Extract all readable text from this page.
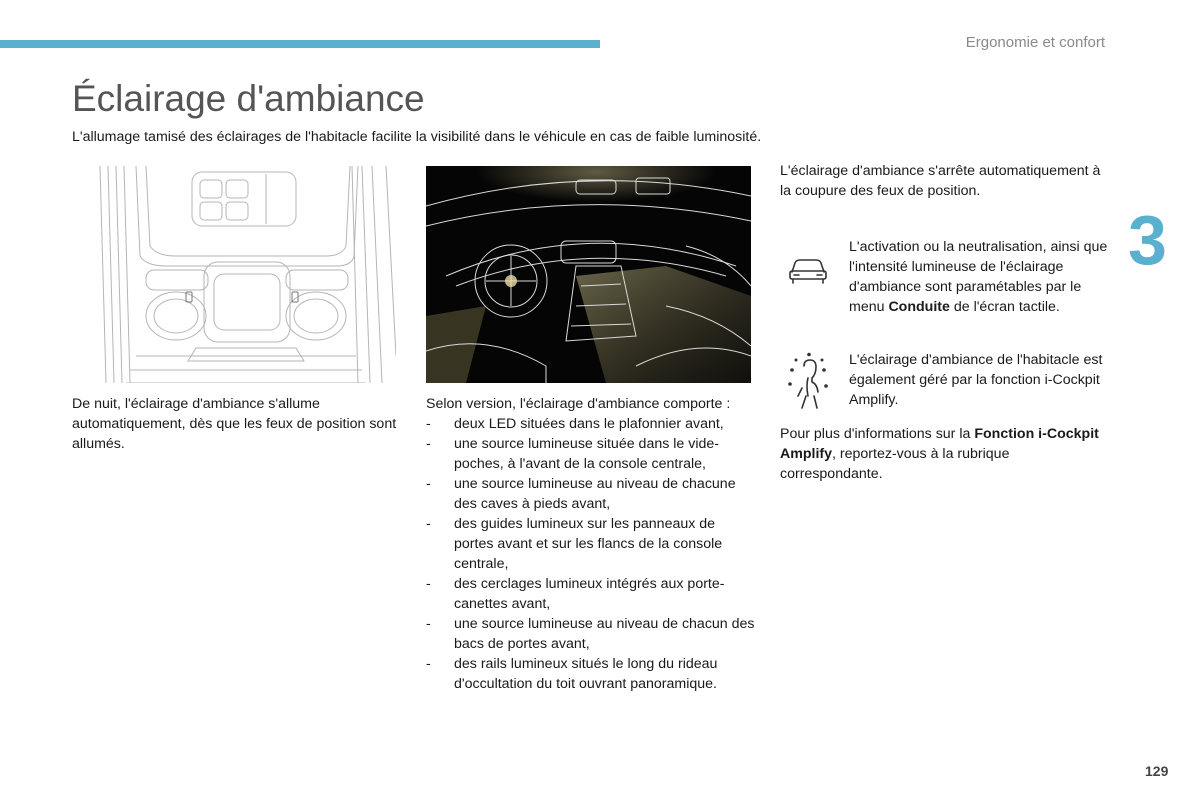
Ergonomie et confort
Éclairage d'ambiance

L'allumage tamisé des éclairages de l'habitacle facilite la visibilité dans le véhicule en cas de faible luminosité.

3
De nuit, l'éclairage d'ambiance s'allume automatiquement, dès que les feux de position sont allumés.

Selon version, l'éclairage d'ambiance comporte :

- deux LED situées dans le plafonnier avant,
- une source lumineuse située dans le vide-poches, à l'avant de la console centrale,
- une source lumineuse au niveau de chacune des caves à pieds avant,
- des guides lumineux sur les panneaux de portes avant et sur les flancs de la console centrale,
- des cerclages lumineux intégrés aux porte-canettes avant,
- une source lumineuse au niveau de chacun des bacs de portes avant,
- des rails lumineux situés le long du rideau d'occultation du toit ouvrant panoramique.
L'éclairage d'ambiance s'arrête automatiquement à la coupure des feux de position.
L'activation ou la neutralisation, ainsi que l'intensité lumineuse de l'éclairage d'ambiance sont paramétables par le menu Conduite de l'écran tactile.
L'éclairage d'ambiance de l'habitacle est également géré par la fonction i-Cockpit Amplify.
Pour plus d'informations sur la Fonction i-Cockpit Amplify, reportez-vous à la rubrique correspondante.
129
